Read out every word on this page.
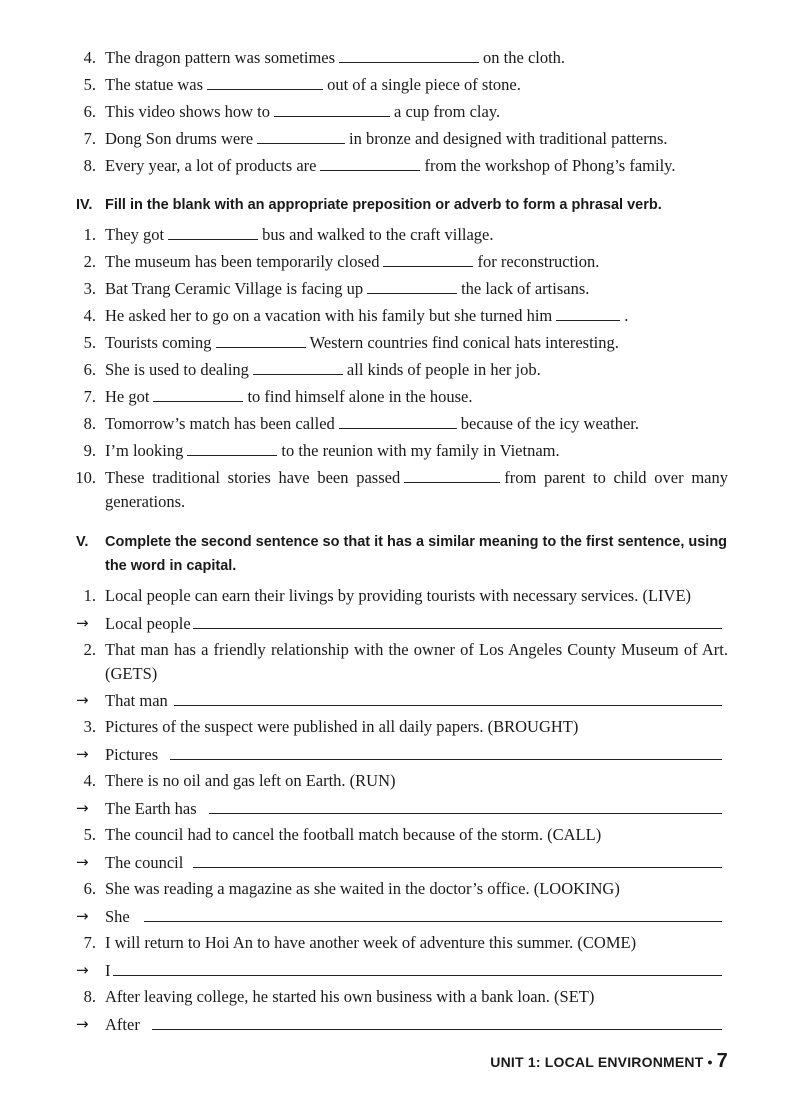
4. The dragon pattern was sometimes	on the cloth.
5. The statue was	out of a single piece of stone.
6. This video shows how to	a cup from clay.
7. Dong Son drums were	in bronze and designed with traditional patterns.
8. Every year, a lot of products are	from the workshop of Phong’s family.
IV. Fill in the blank with an appropriate preposition or adverb to form a phrasal verb.
1. They got	bus and walked to the craft village.
2. The museum has been temporarily closed	for reconstruction.
3. Bat Trang Ceramic Village is facing up	the lack of artisans.
4. He asked her to go on a vacation with his family but she turned him	.
5. Tourists coming	Western countries find conical hats interesting.
6. She is used to dealing	all kinds of people in her job.
7. He got	to find himself alone in the house.
8. Tomorrow’s match has been called	because of the icy weather.
9. I’m looking	to the reunion with my family in Vietnam.
10. These traditional stories have been passed	from parent to child over many generations.
V. Complete the second sentence so that it has a similar meaning to the first sentence, using the word in capital.
1. Local people can earn their livings by providing tourists with necessary services. (LIVE)
→ Local people
2. That man has a friendly relationship with the owner of Los Angeles County Museum of Art. (GETS)
→ That man
3. Pictures of the suspect were published in all daily papers. (BROUGHT)
→ Pictures
4. There is no oil and gas left on Earth. (RUN)
→ The Earth has
5. The council had to cancel the football match because of the storm. (CALL)
→ The council
6. She was reading a magazine as she waited in the doctor’s office. (LOOKING)
→ She
7. I will return to Hoi An to have another week of adventure this summer. (COME)
→ I
8. After leaving college, he started his own business with a bank loan. (SET)
→ After
UNIT 1: LOCAL ENVIRONMENT • 7
